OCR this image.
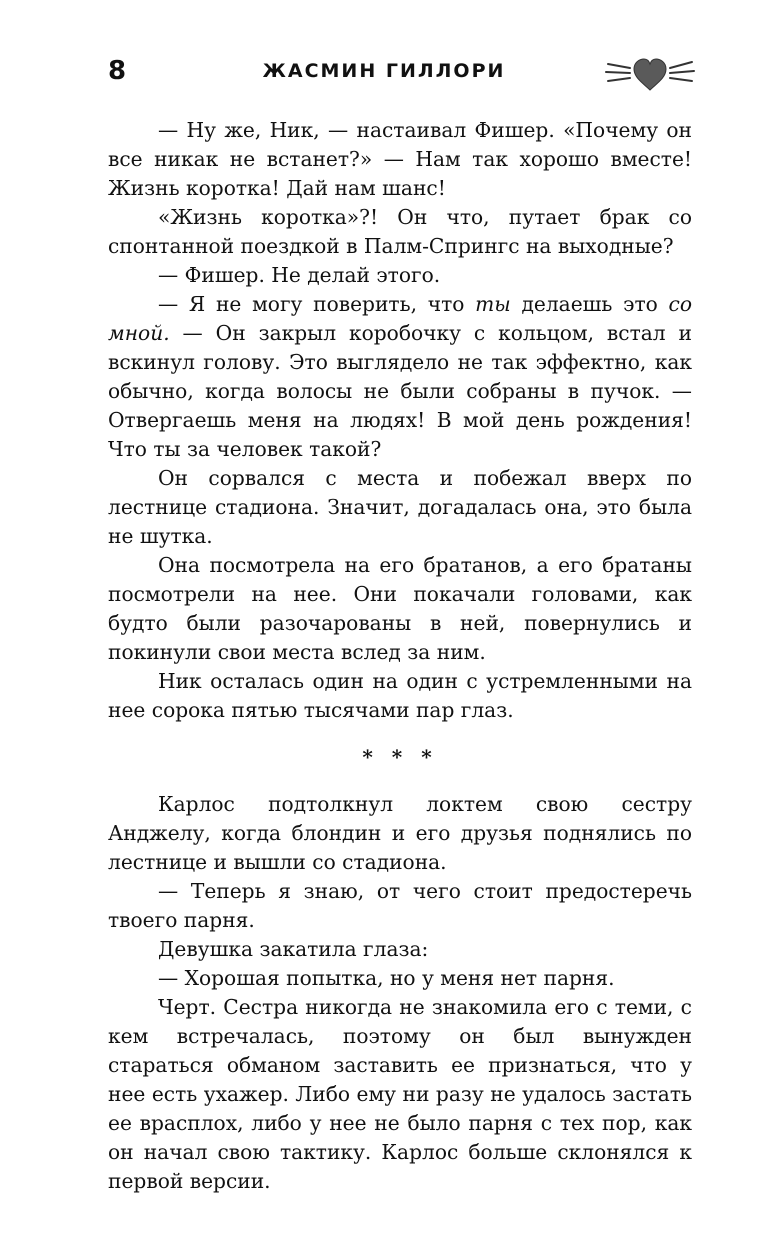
8	ЖАСМИН ГИЛЛОРИ

— Ну же, Ник, — настаивал Фишер. «Почему он все никак не встанет?» — Нам так хорошо вместе! Жизнь коротка! Дай нам шанс!

«Жизнь коротка»?! Он что, путает брак со спонтанной поездкой в Палм-Спрингс на выходные?

— Фишер. Не делай этого.

— Я не могу поверить, что ты делаешь это со мной. — Он закрыл коробочку с кольцом, встал и вскинул голову. Это выглядело не так эффектно, как обычно, когда волосы не были собраны в пучок. — Отвергаешь меня на людях! В мой день рождения! Что ты за человек такой?

Он сорвался с места и побежал вверх по лестнице стадиона. Значит, догадалась она, это была не шутка.

Она посмотрела на его братанов, а его братаны посмотрели на нее. Они покачали головами, как будто были разочарованы в ней, повернулись и покинули свои места вслед за ним.

Ник осталась один на один с устремленными на нее сорока пятью тысячами пар глаз.

* * *

Карлос подтолкнул локтем свою сестру Анджелу, когда блондин и его друзья поднялись по лестнице и вышли со стадиона.

— Теперь я знаю, от чего стоит предостеречь твоего парня.

Девушка закатила глаза:

— Хорошая попытка, но у меня нет парня.

Черт. Сестра никогда не знакомила его с теми, с кем встречалась, поэтому он был вынужден стараться обманом заставить ее признаться, что у нее есть ухажер. Либо ему ни разу не удалось застать ее врасплох, либо у нее не было парня с тех пор, как он начал свою тактику. Карлос больше склонялся к первой версии.
